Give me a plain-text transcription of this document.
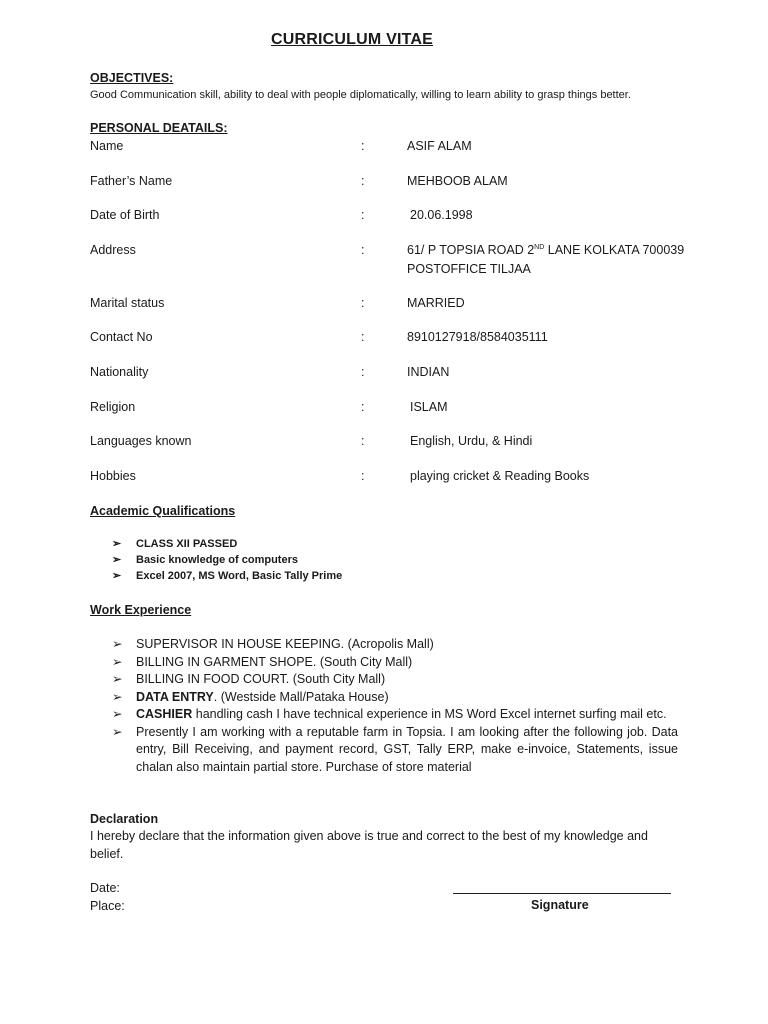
CURRICULUM VITAE
OBJECTIVES:
Good Communication skill, ability to deal with people diplomatically, willing to learn ability to grasp things better.
PERSONAL DEATAILS:
Name	:	ASIF ALAM
Father’s Name	:	MEHBOOB ALAM
Date of Birth	:	20.06.1998
Address	:	61/ P TOPSIA ROAD 2ND LANE KOLKATA 700039
POSTOFFICE TILJAA
Marital status	:	MARRIED
Contact No	:	8910127918/8584035111
Nationality	:	INDIAN
Religion	:	ISLAM
Languages known	:	English, Urdu, & Hindi
Hobbies	:	playing cricket & Reading Books
Academic Qualifications
➢ CLASS XII PASSED
➢ Basic knowledge of computers
➢ Excel 2007, MS Word, Basic Tally Prime
Work Experience
➢ SUPERVISOR IN HOUSE KEEPING. (Acropolis Mall)
➢ BILLING IN GARMENT SHOPE. (South City Mall)
➢ BILLING IN FOOD COURT. (South City Mall)
➢ DATA ENTRY. (Westside Mall/Pataka House)
➢ CASHIER handling cash I have technical experience in MS Word Excel internet surfing mail etc.
➢ Presently I am working with a reputable farm in Topsia. I am looking after the following job. Data entry, Bill Receiving, and payment record, GST, Tally ERP, make e-invoice, Statements, issue chalan also maintain partial store. Purchase of store material
Declaration
I hereby declare that the information given above is true and correct to the best of my knowledge and belief.
Date:
Place:	Signature
